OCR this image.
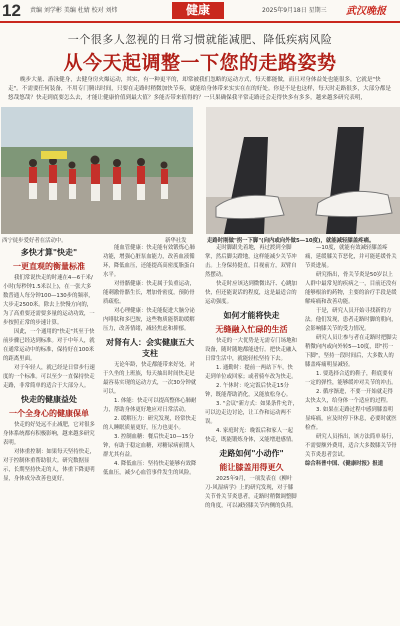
12 责编 刘学彬 美编 杜婧 校对 刘炜	健康	2025年9月18日 星期三 武汉晚报
一个很多人忽视的日常习惯就能减肥、降低疾病风险
从今天起调整一下您的走路姿势
晚步大量、游泳健身，去健身房火爆运动，其实，有一种更平的，却常被我们忽略的运动方式，每天都能做，而且对身体益处也能很多，它就是"快走"。不需要任何装备，不用专门腾出时间，只要在走路时稍微加快节奏，就能给身体带来实实在在的好处。你是不是也这样，每天时走路很多，大部分都是悠哉悠哉？快走到底要怎么去，才能让健康价值到最大值？多能否带来值得的？一只果确保我平常走路还会走得快多有多多，越来越多研究表明，
西宁徒步爱好者在活动中。	新华社发	走路时刚做"拐一下脚"(向内或向外做5—10度)，就能减轻膝盖疼痛。
多快才算"快走"
一更直观的衡量标准

我们常说快走的时速在4—6千米/小时(每秒钟1.5米以上)，在一张大多数普通人每分钟100—130步的频率，大步走2500米。除去上快慢方向的，为了高重要还需要多量的运动功效，一步按照正常的步速计算。

因此，一个通用的"快走"其至于快前步骤已经达到标准。对于中年人，就在通常运动中的标准，保持好在100米的距离里面。

对于年轻人，就已经是日常步行速度的一个标准。可以至少一直保持快走走路，非常简单的适合于大部分人。

快走的健康益处
一个全身心的健康保单

快走的好处远不止减肥，它对很多身体系统都有积极影响，越来越多研究表明。

对体重控制：如果每天坚持快走，对于控制体重帮助很大。研究数据显示，长期坚持快走的人，体重下降更明显，身体成分改善也更好。

能血管健康：快走能有效锻炼心肺功能，增强心脏泵血能力，改善血液循环，降低血压，还能提高高密度脂蛋白水平。

对骨骼健康：快走属于负重运动，能刺激骨骼生长，增加骨密度，预防骨质疏松。

对心理健康：快走能促进大脑分泌内啡肽和多巴胺，这些物质能帮助缓解压力，改善情绪，减轻焦虑和抑郁。

对肾有人：会实健康五大支柱

无论年龄，快走都能带来好处。对于久坐的上班族，每天抽出时间快走是最容易实现的运动方式，一次30分钟就可以。

1. 体能：快走可以提高整体心肺耐力，帮助身体更好地应对日常活动。

2. 缓解压力：研究发现，经常快走的人睡眠质量更好，压力也更小。

3. 控制血糖：餐后快走10—15分钟，有助于稳定血糖，对糖尿病前期人群尤其有益。

4. 降低血压：坚持快走能够有效降低血压，减少心血管事件发生的风险。

走时脚跟先着地，再过渡到全脚掌，然后脚尖蹬地，这样能减少关节冲击。上身保持挺直，目视前方，双臂自然摆动。

快走时应该达到微微出汗、心跳加快，但还能说话的程度，这是最适合的运动强度。

如何才能将快走
无缝融入忙碌的生活

快走的一大优势是无需专门场地和设备，随时随地都能进行。把快走融入日常生活中，就能轻松坚持下去。

1. 通勤时：提前一两站下车，快走到单位或回家；或者骑车改为快走。

2. 午休时：吃完饭后快走15分钟，既能帮助消化，又能放松身心。

3. "会议"新方式：如果条件允许，可以边走边讨论，让工作和运动两不误。

4. 家庭时光：晚饭后和家人一起快走，既能锻炼身体，又能增进感情。

走路如何"小动作"
能让膝盖用得更久

2025年9月，一项发表在《柳叶刀-风湿病学》上的研究发现，对于膝关节骨关节炎患者，走路时稍微调整脚的角度，可以减轻膝关节内侧的负荷。

—10度，就能有效减轻膝盖疼痛，延缓膝关节恶化，并可能延缓骨关节炎进展。

研究指出，骨关节炎是50岁以上人群中最常见的疾病之一，目前还没有能够根治的药物，主要的治疗手段是缓解疼痛和改善功能。

于是，研究人员开始寻找新的方法。他们发现，患者走路时脚的朝向，会影响膝关节的受力情况。

研究人员让参与者在走路时把脚尖稍微向内或向外转5—10度，即"拐一下脚"，坚持一段时间后，大多数人的膝盖疼痛明显减轻。

1. 要选择合适的鞋子，鞋底要有一定的弹性，能够缓冲对关节的冲击。

2. 循序渐进，不要一开始就走得太快太久，给身体一个适应的过程。

3. 如果在走路过程中感到膝盖明显疼痛，应及时停下休息，必要时就医检查。

研究人员指出，该方法简单易行，不需要额外费用，适合大多数膝关节骨关节炎患者尝试。

综合科普中国、《健康时报》报道
